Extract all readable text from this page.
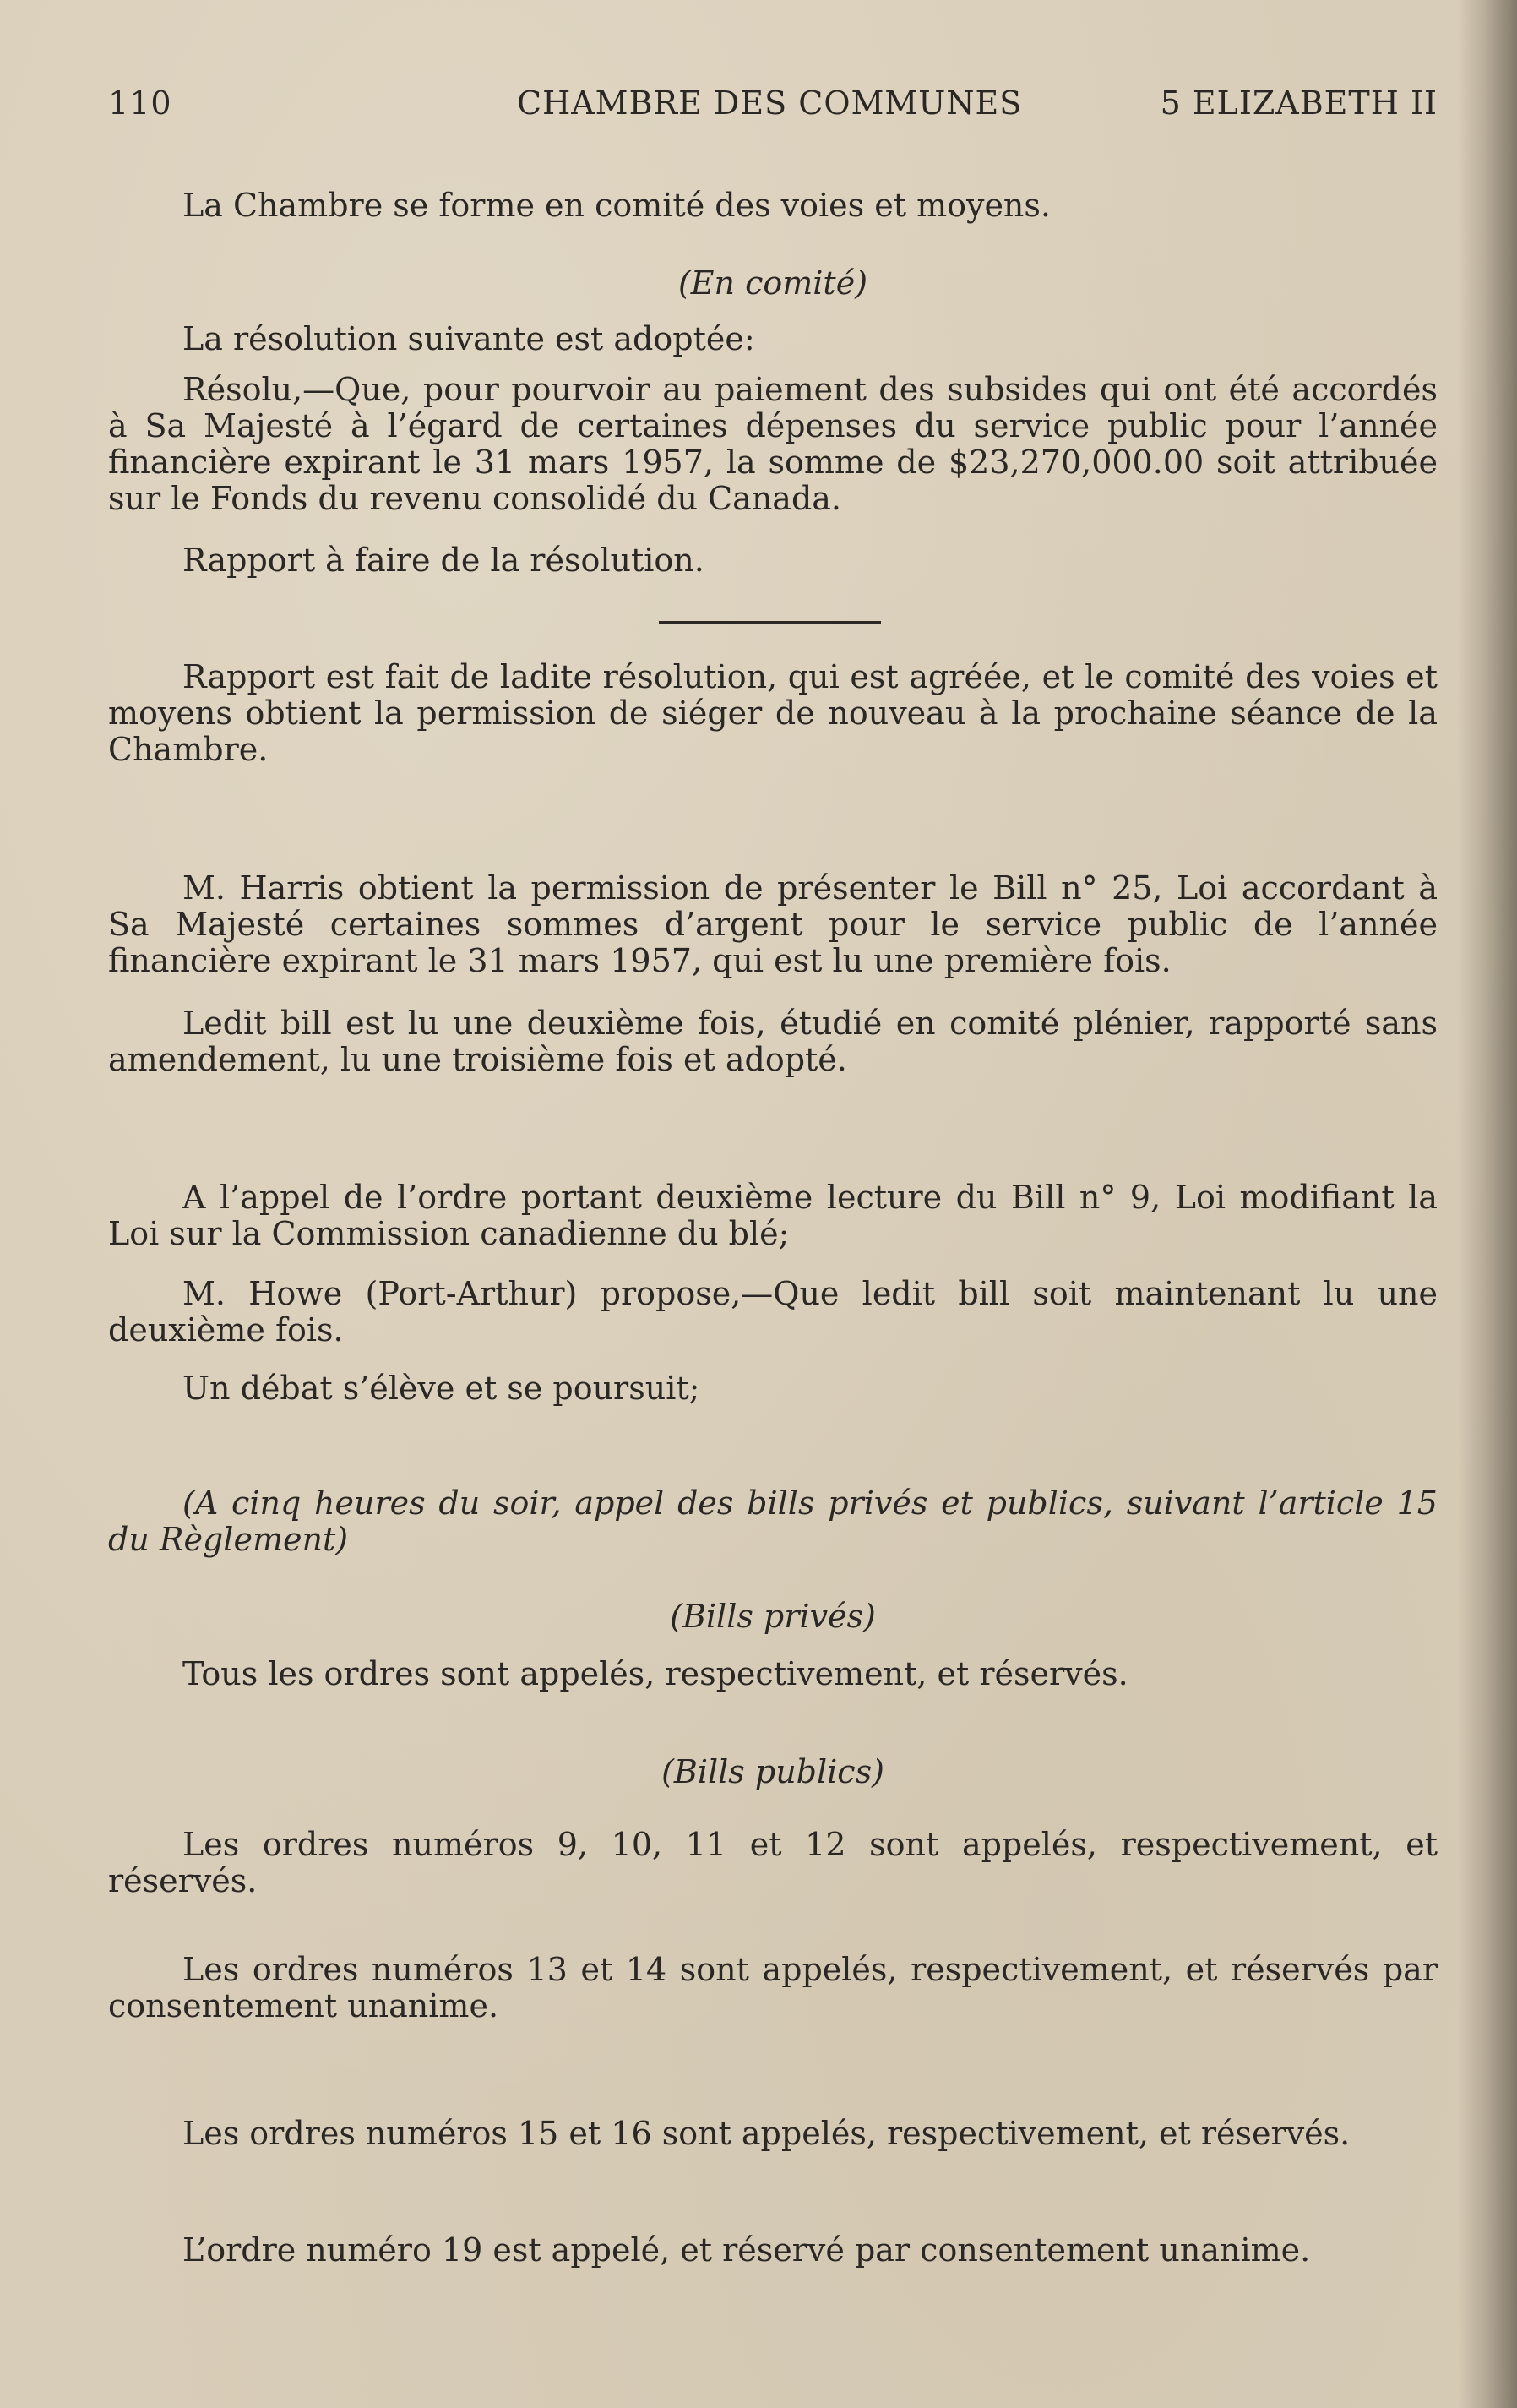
110	CHAMBRE DES COMMUNES	5 ELIZABETH II
La Chambre se forme en comité des voies et moyens.
(En comité)
La résolution suivante est adoptée:
Résolu,—Que, pour pourvoir au paiement des subsides qui ont été accordés à Sa Majesté à l’égard de certaines dépenses du service public pour l’année financière expirant le 31 mars 1957, la somme de $23,270,000.00 soit attribuée sur le Fonds du revenu consolidé du Canada.
Rapport à faire de la résolution.
Rapport est fait de ladite résolution, qui est agréée, et le comité des voies et moyens obtient la permission de siéger de nouveau à la prochaine séance de la Chambre.
M. Harris obtient la permission de présenter le Bill n° 25, Loi accordant à Sa Majesté certaines sommes d’argent pour le service public de l’année financière expirant le 31 mars 1957, qui est lu une première fois.
Ledit bill est lu une deuxième fois, étudié en comité plénier, rapporté sans amendement, lu une troisième fois et adopté.
A l’appel de l’ordre portant deuxième lecture du Bill n° 9, Loi modifiant la Loi sur la Commission canadienne du blé;
M. Howe (Port-Arthur) propose,—Que ledit bill soit maintenant lu une deuxième fois.
Un débat s’élève et se poursuit;
(A cinq heures du soir, appel des bills privés et publics, suivant l’article 15 du Règlement)
(Bills privés)
Tous les ordres sont appelés, respectivement, et réservés.
(Bills publics)
Les ordres numéros 9, 10, 11 et 12 sont appelés, respectivement, et réservés.
Les ordres numéros 13 et 14 sont appelés, respectivement, et réservés par consentement unanime.
Les ordres numéros 15 et 16 sont appelés, respectivement, et réservés.
L’ordre numéro 19 est appelé, et réservé par consentement unanime.
